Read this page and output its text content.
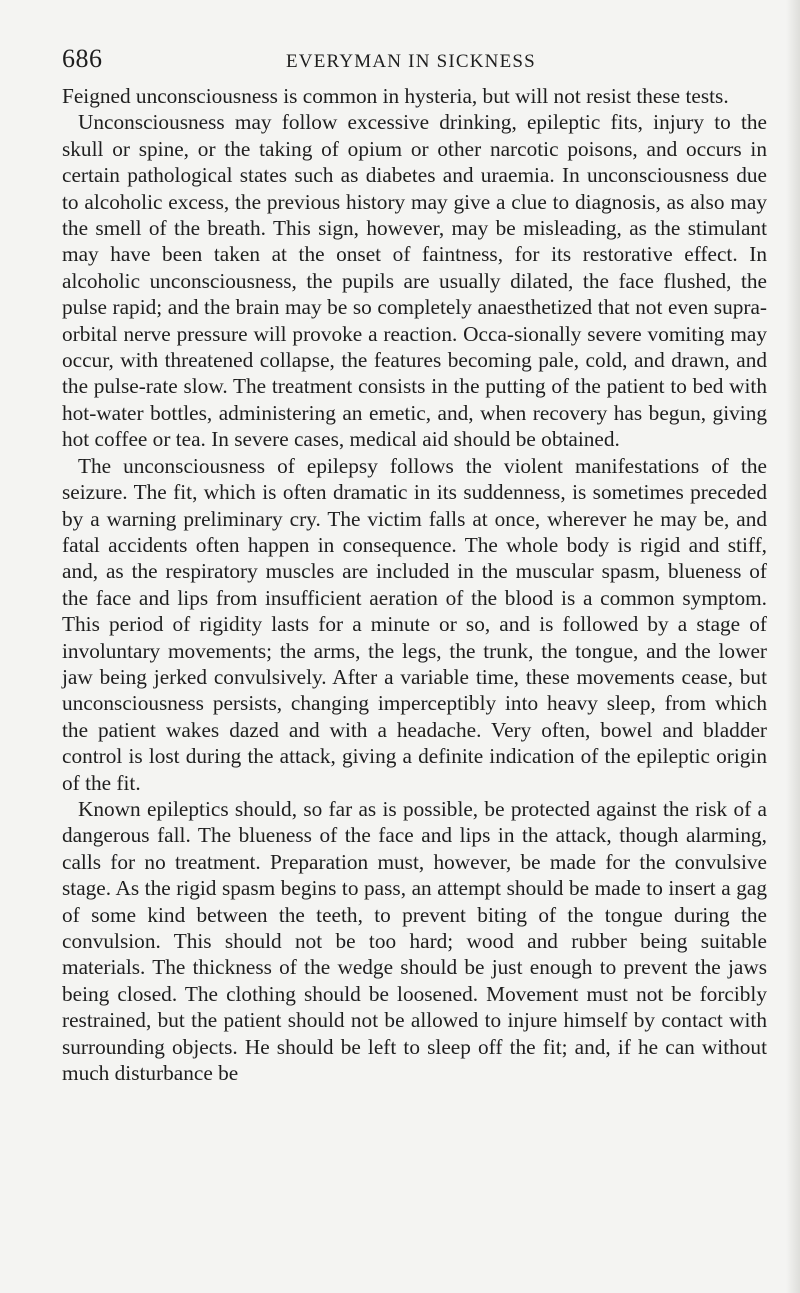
686	EVERYMAN IN SICKNESS

Feigned unconsciousness is common in hysteria, but will not resist these tests.

Unconsciousness may follow excessive drinking, epileptic fits, injury to the skull or spine, or the taking of opium or other narcotic poisons, and occurs in certain pathological states such as diabetes and uraemia. In unconsciousness due to alcoholic excess, the previous history may give a clue to diagnosis, as also may the smell of the breath. This sign, however, may be misleading, as the stimulant may have been taken at the onset of faintness, for its restorative effect. In alcoholic unconsciousness, the pupils are usually dilated, the face flushed, the pulse rapid; and the brain may be so completely anaesthetized that not even supra-orbital nerve pressure will provoke a reaction. Occa-sionally severe vomiting may occur, with threatened collapse, the features becoming pale, cold, and drawn, and the pulse-rate slow. The treatment consists in the putting of the patient to bed with hot-water bottles, administering an emetic, and, when recovery has begun, giving hot coffee or tea. In severe cases, medical aid should be obtained.

The unconsciousness of epilepsy follows the violent manifestations of the seizure. The fit, which is often dramatic in its suddenness, is sometimes preceded by a warning preliminary cry. The victim falls at once, wherever he may be, and fatal accidents often happen in consequence. The whole body is rigid and stiff, and, as the respiratory muscles are included in the muscular spasm, blueness of the face and lips from insufficient aeration of the blood is a common symptom. This period of rigidity lasts for a minute or so, and is followed by a stage of involuntary movements; the arms, the legs, the trunk, the tongue, and the lower jaw being jerked convulsively. After a variable time, these movements cease, but unconsciousness persists, changing imperceptibly into heavy sleep, from which the patient wakes dazed and with a headache. Very often, bowel and bladder control is lost during the attack, giving a definite indication of the epileptic origin of the fit.

Known epileptics should, so far as is possible, be protected against the risk of a dangerous fall. The blueness of the face and lips in the attack, though alarming, calls for no treatment. Preparation must, however, be made for the convulsive stage. As the rigid spasm begins to pass, an attempt should be made to insert a gag of some kind between the teeth, to prevent biting of the tongue during the convulsion. This should not be too hard; wood and rubber being suitable materials. The thickness of the wedge should be just enough to prevent the jaws being closed. The clothing should be loosened. Movement must not be forcibly restrained, but the patient should not be allowed to injure himself by contact with surrounding objects. He should be left to sleep off the fit; and, if he can without much disturbance be
